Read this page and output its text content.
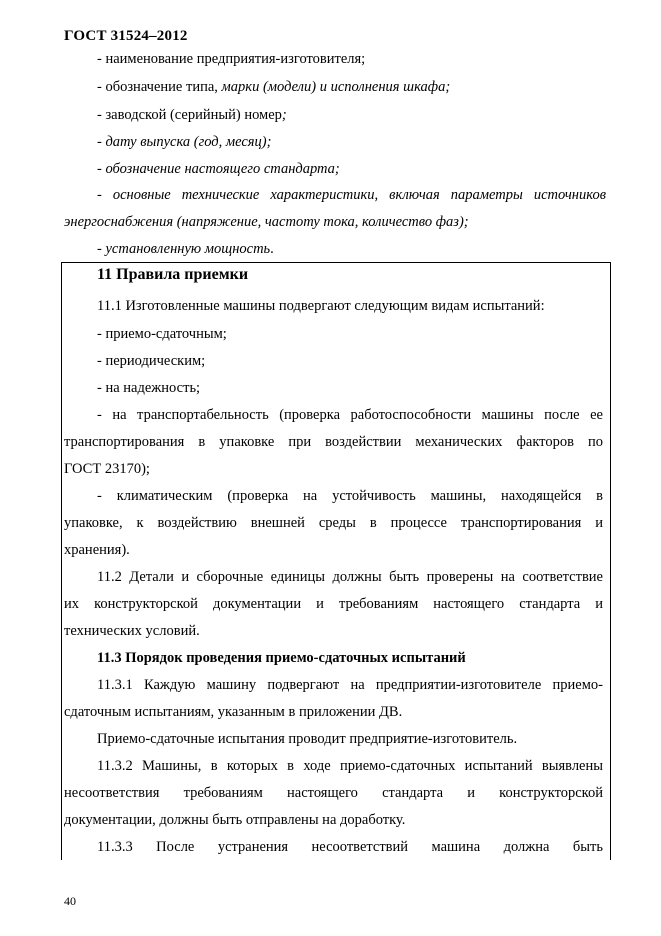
ГОСТ 31524–2012
- наименование предприятия-изготовителя;
- обозначение типа, марки (модели) и исполнения шкафа;
- заводской (серийный) номер;
- дату выпуска (год, месяц);
- обозначение настоящего стандарта;
- основные технические характеристики, включая параметры источников
энергоснабжения (напряжение, частоту тока, количество фаз);
- установленную мощность.
11 Правила приемки
11.1 Изготовленные машины подвергают следующим видам испытаний:
- приемо-сдаточным;
- периодическим;
- на надежность;
- на транспортабельность (проверка работоспособности машины после ее
транспортирования в упаковке при воздействии механических факторов по
ГОСТ 23170);
- климатическим (проверка на устойчивость машины, находящейся в
упаковке, к воздействию внешней среды в процессе транспортирования и
хранения).
11.2 Детали и сборочные единицы должны быть проверены на соответствие
их конструкторской документации и требованиям настоящего стандарта и
технических условий.
11.3 Порядок проведения приемо-сдаточных испытаний
11.3.1 Каждую машину подвергают на предприятии-изготовителе приемо-
сдаточным испытаниям, указанным в приложении ДВ.
Приемо-сдаточные испытания проводит предприятие-изготовитель.
11.3.2 Машины, в которых в ходе приемо-сдаточных испытаний выявлены
несоответствия требованиям настоящего стандарта и конструкторской
документации, должны быть отправлены на доработку.
11.3.3 После устранения несоответствий машина должна быть
40
